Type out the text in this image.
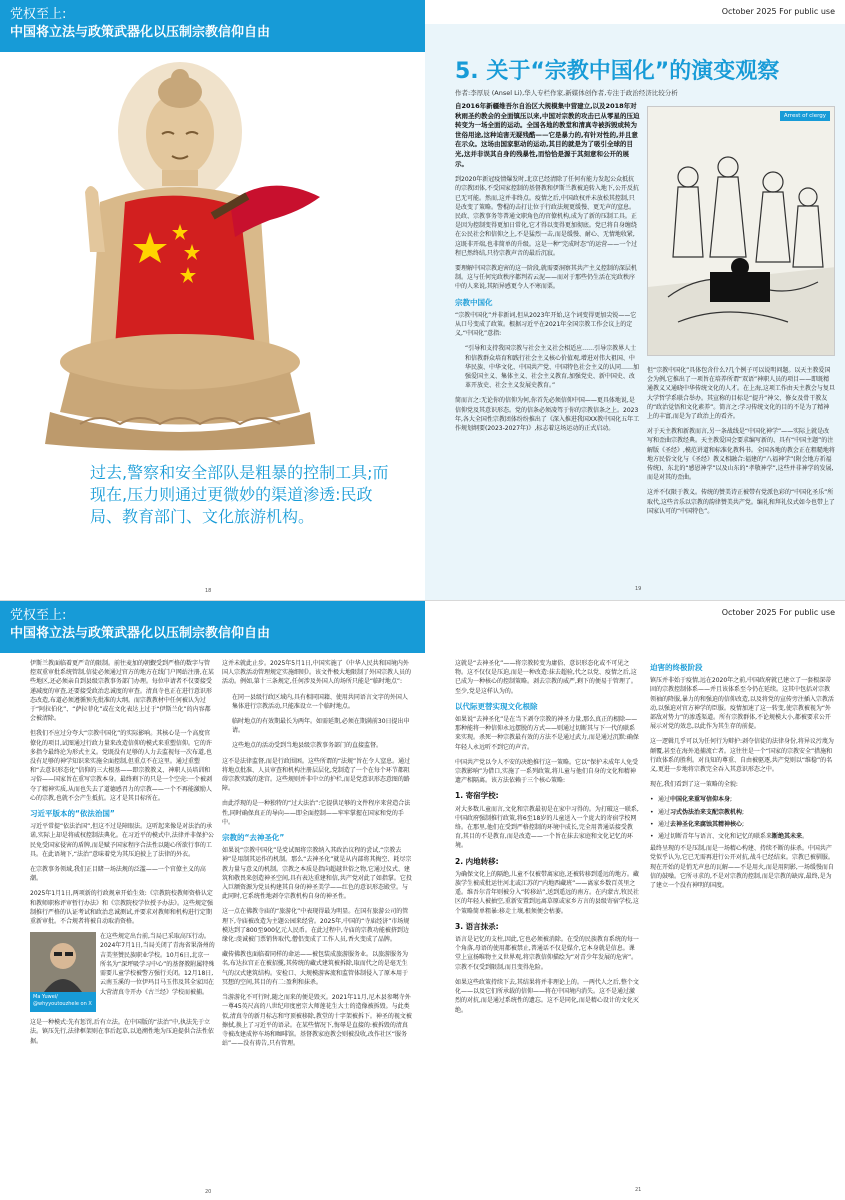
党权至上:
中国将立法与政策武器化以压制宗教信仰自由
October 2025 For public use
过去,警察和安全部队是粗暴的控制工具;而现在,压力则通过更微妙的渠道渗透:民政局、教育部门、文化旅游机构。
18
5. 关于“宗教中国化”的演变观察
作者:李厚辰 (Ansel Li),华人专栏作家,新媒体创作者,专注于政治经济比较分析

自2016年新疆维吾尔自治区大规模集中营建立,以及2018年对秋雨圣约教会的全面镇压以来,中国对宗教的攻击已从零星的压迫转变为一场全面的运动。全国各地的教堂和清真寺被拆毁或转为世俗用途,这种迫害无疑残酷——它是暴力的,有针对性的,并且意在示众。这场由国家驱动的运动,其目的就是为了吸引全球的目光,这并非误其自身的残暴性,而恰恰是源于其刻意和公开的展示。

到2020年新冠疫情爆发时,北京已经清除了任何有能力发起公众抵抗的宗教团体,不受国家控制的基督教和伊斯兰教被迫转入地下,公开反抗已无可能。然而,这并非终点。疫情之后,中国政权并未放松其控制,只是改变了策略。警棍的击打让位于行政法规更缓慢、更无声的窒息。民政、宗教事务等普通文职角色的官僚机构,成为了新的压制工具。正是因为控制变得更加日常化,它才得以变得更加彻底。党已将自身缠绕在公民社会和信仰之上,不是猛烈一击,而是缓慢、耐心、无情地收紧,这既非开端,也非简单的升级。这是一种“完成时态”的运营——一个过程已然终结,只待宗教声音的最后沉寂。

要理解中国宗教迫害的这一阶段,就需要洞察其共产主义控制的深层机制。这与任何宪政秩序都判若云泥——而对于那些仍生活在宪政秩序中的人来说,其陌异感更令人不寒而栗。

宗教中国化

“宗教中国化”并非新词,但从2023年开始,这个词变得更加尖锐——它从口号变成了政策。根据习近平在2021年全国宗教工作会议上的定义,“中国化”意指:

“引导和支持我国宗教与社会主义社会相适应……引导宗教界人士和信教群众培育和践行社会主义核心价值观,增进对伟大祖国、中华民族、中华文化、中国共产党、中国特色社会主义的认同……加强爱国主义、集体主义、社会主义教育,加强党史、新中国史、改革开放史、社会主义发展史教育。”

简而言之:无论你的信仰为何,你首先必须信仰中国——更具体地说,是信仰党及其意识形态。党的信条必须凌驾于你的宗教信条之上。2023年,各大全国性宗教团体纷纷推出了《深入推进我国XX教中国化五年工作规划纲要(2023-2027年)》,标志着这场运动的正式启动。

Arrest of clergy

但“宗教中国化”具体包含什么?几个例子可以说明问题。以天主教爱国会为例,它推出了一项旨在培养所谓“双语”神职人员的项目——即既精通教义又通晓中华传统文化的人才。在上海,这项工作由天主教会与复旦大学哲学系联合举办。其宣称的目标是“提升”神父、修女及骨干教友的“政治觉悟和文化素养”。简言之:学习传统文化的目的不是为了精神上的丰富,而是为了政治上的看齐。

对于天主教和新教而言,另一条战线是“中国化神学”——实际上就是改写和歪曲宗教经典。天主教爱国会要求编写新的、具有“中国主题”的注解版《圣经》,模范讲道和标准化教科书。全国各地的教会正在粗糙地将地方民俗文化与《圣经》教义相融合:福建的“八福神学”(附会地方祈福传统)、东北的“感恩神学”以及山东的“孝敬神学”,这些并非神学的发展,而是对其的歪曲。

这并不仅限于教义。传统的赞美诗正被带有党派色彩的“中国化圣乐”所取代,这些音乐以宗教的韵律赞美共产党。编礼和拜礼仪式如今也带上了国家认可的“中国特色”。

19
党权至上:
中国将立法与政策武器化以压制宗教信仰自由
October 2025 For public use

伊斯兰教面临着更严苛的限制。前往麦加的朝觐受到严格的数字与管控双重审批系统管制,信徒必须通过官方的地方在线门户网站注册,在某些地区,还必须亲自到县级宗教事务部门办理。每位申请者不仅要接受递减度的审查,还要接受政治忠诚度的审查。清真寺也正在进行意识形态改造,布道必须遵循预先批准的大纲。而宗教教材中任何被认为过于“阿拉伯化”、“萨拉菲化”或在文化表达上过于“伊斯兰化”的内容都会被清除。

但我们不应过分夸大“宗教中国化”的实际影响。其核心是一个高度官僚化的项目,试图通过行政力量来改造信仰的模式来重塑信仰。它的许多指令最终沦为形式主义。党既没有足够的人力去监视每一次布道,也没有足够的神学知识来实施全面控制,但重点不在这里。通过重塑和“去意识形态化”信仰的三大根基——即宗教教义、神职人员培训和习俗——国家旨在重写宗教本身。最终剩下的只是一个空壳:一个被剥夺了精神实质,从而也失去了道德感召力的宗教——一个不再能激励人心的宗教,也就不会产生抵抗。这才是其目标所在。

习近平版本的“依法治国”

习近平常提“依法治国”,但这不过是障眼法。这听起来像是对法治的承诺,实际上却是将威权控制法典化。在习近平的模式中,法律并非保护公民免受国家侵害的盾牌,而是赋予国家程序合法性以随心所欲行事的工具。在此语境下,“法治”意味着党为其压迫披上了法律的外衣。

在宗教事务领域,我们正目睹一场法规的泛滥——一个官僚主义的高潮。

2025年1月1日,两项新的行政规章开始生效:《宗教院校教师资格认定和教师职称评审暂行办法》和《宗教院校学位授予办法》。这些规定强制推行严格的认证考试和政治忠诚测试,并要求对教师和机构进行定期重新审批。不合规者将被自动取消资格。

Ma Yuwei/ @whyyoutouzhele on X

在这些规定出台前,当局已采取高压行动。2024年7月1日,当局关闭了青海省果洛州的吉美坚赞民族职业学校。10月6日,北京一所名为“深坪吸学习中心”的基督教附属特殊需要儿童学校被警方强行关闭。12月18日,云南玉溪的一位伊玛目马玉伟及其全家因在大营清真寺开办《古兰经》学校而被捕。

这是一种模式:先有惩罚,后有立法。在中国版的“法治”中,执法先于立法。镇压先行,法律框架则在事后起草,以追溯性地为压迫提供合法性依据。

这并未就此止步。2025年5月1日,中国实施了《中华人民共和国境内外国人宗教活动管理规定实施细则》。该文件极大地限制了外国宗教人员的活动。例如,第十三条规定,任何涉及外国人的场所只能是“临时地点”:

在同一县级行政区域内,具有相同国籍、使用共同语言文字的外国人集体进行宗教活动,只能准设立一个临时地点。

临时地点的有效期最长为两年。如需延期,必须在期满前30日提出申请。

这些地点的活动受到当地县级宗教事务部门的直接监督。

这不是法律监督,而是行政围困。这些所谓的“法规”旨在令人窒息。通过将地点批准、人员审查和机构注册层层化,党制造了一个在每个环节都阻碍宗教实践的迷宫。这些规则并非中立的护栏,而是党意识形态意图的路障。

由此浮现的是一种独特的“过大法治”:它提供足够的文件程序来营造合法性,同时确保真正的导向——即全面控制——牢牢掌握在国家和党的手中。

宗教的“去神圣化”

如果说“宗教中国化”是党试图将宗教纳入其政治议程的尝试,“宗教去神”是用制其运作的机制。那么“去神圣化”就是从内部将其掏空、耗尽宗教力量与意义的机制。宗教之本质是指向超越世俗之物,它通过仪式、建筑和敬畏来创造神圣空间,具有表达重建和信,共产党对此了如指掌。它投入巨额资源为党员构建其自身的神圣美学——红色的意识形态殿堂。与此同时,它系统性地剥夺宗教机构自身的神圣性。

这一点在佛教寺庙的“旅游化”中表现得最为明显。在国有旅游公司的管理下,寺庙被改造为主题公园来经营。2025年,中国的“寺庙经济”市场规模达到了800至900亿元人民币。在此过程中,寺庙的宗教功能被挤到边缘化:虔诚被门票销售取代,僧侣变成了工作人员,香火变成了品牌。

藏传佛教也面临着同样的命运——被包装成旅游服务业。以旅游服务为名,布达拉宫正在被招揽,其传统的藏式建筑被拆除,取而代之的是毫无生气的汉式建筑结构。安检口、大规模游客流和监管体制侵入了原本用于冥想的空间,其目的有二:盈利和抹杀。

当游游化不可行时,随之而来的便是毁灭。2021年11月,尼木县参噶寺外一尊45英尺高的八世纪印度密宗大师莲花生大士的造像被拆毁。与此类似,清真寺的新月标志和穹顶被移除,教堂的十字架被拆下。神圣的视文被擦拭,换上了习近平的语录。在某些情况下,悔辱是直接的:被拆毁的清真寺被改建成停车场和咖啡馆。基督教家庭教会则被没收,改作社区“服务站”——没有祷告,只有管理。

20

这就是“去神圣化”——将宗教转变为庸俗、意识形态化或不可见之物。这不仅仅是压迫,而是一种改造:抹去超验,代之以党、疫情之后,这已成为一种核心的控制策略。剥去宗教的威严,剩下的便易于管理了。至少,党是这样认为的。

以代际更替实现文化根除

如果说“去神圣化”是在当下剥夺宗教的神圣力量,那么真正的根除——那种能将一种信仰永远摆脱的方式——则通过切断其与下一代的联系来实现。杀死一种宗教最有效的方法不是通过武力,而是通过沉默:确保年轻人永远听不到它的声音。

中国共产党以令人不安的决绝推行这一策略。它以“保护未成年人免受宗教影响”为借口,实施了一系列政策,将儿童与他们自身的文化和精神遗产相隔离。该方法依赖于三个核心策略:

1. 寄宿学校:

对大多数儿童而言,文化和宗教最初是在家中习得的。为打破这一联系,中国政府强制推行政策,将6至18岁的儿童送入一个庞大的寄宿学校网络。在那里,他们在受到严格控制的环境中成长,完全用普通话接受教育,其目的不是教育,而是改造——一个旨在抹去家庭和文化记忆的环境。

2. 内地转移:

为确保文化上的隔绝,儿童不仅被带离家庭,还被转移到遥远的地方。藏族学生被成批运往河北或江苏的“内地西藏班”——离家乡数百英里之遥。维吾尔青年则被分入“转移站”,送到遥远的南方。在内蒙古,牧民社区的年轻人被抽空,重新安置到远离草原或家乡方言的县级寄宿学校,这个策略简单粗暴:移走土壤,根须便会枯萎。

3. 语言抹杀:

语言是记忆的支柱,因此,它也必须被消除。在受的民族教育系统的每一个角落,母语的使用都被禁止,普通话不仅是媒介,它本身就是信息。课堂上宣扬唯物主义世界观,将宗教信仰描绘为“对青少年发展的危害”。宗教不仅受到限制,而且变得危险。

如果这些政策持续下去,其结果将并非理论上的。一两代人之后,整个文化——以及它们所承载的信仰——将在中国境内消失。这不是通过激烈的对抗,而是通过系统性的遗忘。这不是同化,而是精心设计的文化灭绝。

迫害的终极阶段

镇压并非始于疫情,远在2020年之前,中国政府就已建立了一套根深蒂固的宗教控制体系——并且该体系至今仍在延续。这其中包括对宗教领袖的降服,暴力的和强迫的信仰改造,以及将党的宣传旁注插入宗教活动,以强迫对官方神学的臣服。疫情加速了这一转变,使宗教被视为“外部敌对势力”的渗透渠道。所有宗教群体,不论规模大小,都被要求公开展示对党的效忠,以此作为其生存的前提。

这一逻辑几乎可以为任何行为辩护:剥夺信徒的法律身份,将异议污蔑为颠覆,甚至在海外追捕流亡者。这往往是一个“国家的宗教安全”措施和行政体系的胜利。对良知的尊重、自由被驱逐,共产党则以“维稳”的名义,更进一步地将宗教完全吞入其意识形态之中。

现在,我们看到了这一策略的全貌:

• 通过中国化来重写信仰本身;
• 通过习式伪法治来支配宗教机构;
• 通过去神圣化来腐蚀其精神核心;
• 通过切断青年与语言、文化和记忆的联系来断绝其未来。

最终呈现的不是压制,而是一场精心构建、持续不断的抹杀。中国共产党似乎认为,它已无需再进行公开对抗,战斗已经结束。宗教已被驯服。现在开始的是悄无声息的瓦解——不是用火,而是用阴影,一场缓慢而自信的鼓噪。它所寻求的,不是对宗教的控制,而是宗教的缺席,最终,是为了建立一个没有神明的国度。

21
